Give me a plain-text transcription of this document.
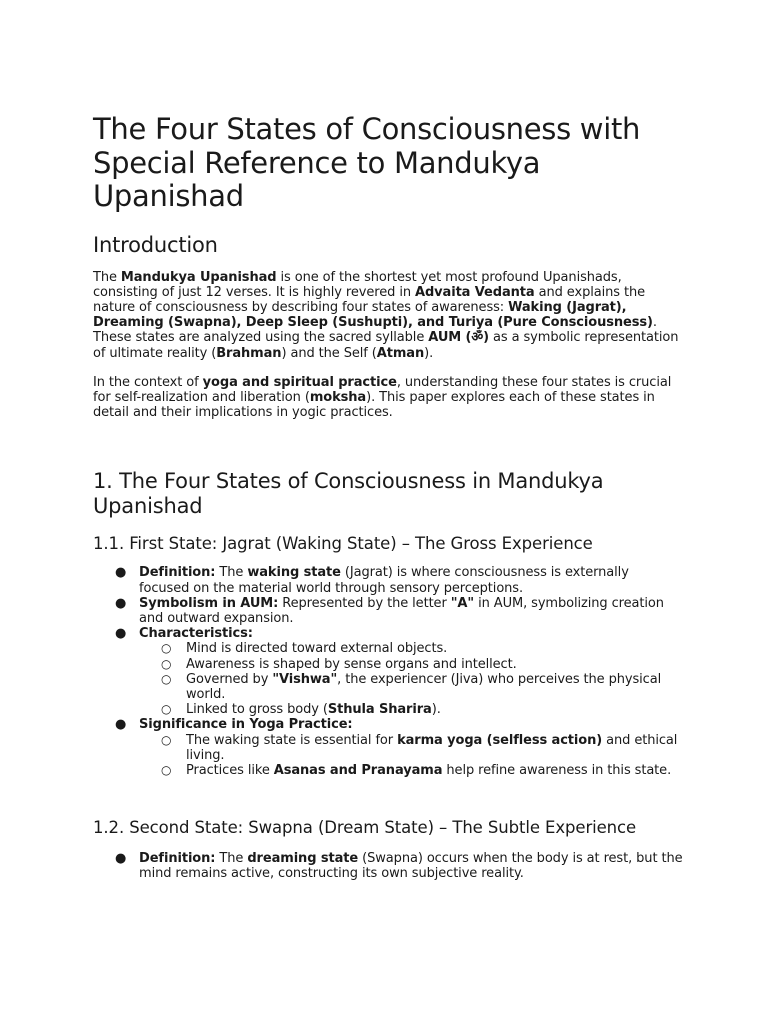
The Four States of Consciousness with Special Reference to Mandukya Upanishad
Introduction

The Mandukya Upanishad is one of the shortest yet most profound Upanishads, consisting of just 12 verses. It is highly revered in Advaita Vedanta and explains the nature of consciousness by describing four states of awareness: Waking (Jagrat), Dreaming (Swapna), Deep Sleep (Sushupti), and Turiya (Pure Consciousness). These states are analyzed using the sacred syllable AUM (ॐ) as a symbolic representation of ultimate reality (Brahman) and the Self (Atman).

In the context of yoga and spiritual practice, understanding these four states is crucial for self-realization and liberation (moksha). This paper explores each of these states in detail and their implications in yogic practices.

1. The Four States of Consciousness in Mandukya Upanishad
1.1. First State: Jagrat (Waking State) – The Gross Experience
● Definition: The waking state (Jagrat) is where consciousness is externally focused on the material world through sensory perceptions.
● Symbolism in AUM: Represented by the letter "A" in AUM, symbolizing creation and outward expansion.
● Characteristics:
○ Mind is directed toward external objects.
○ Awareness is shaped by sense organs and intellect.
○ Governed by "Vishwa", the experiencer (Jiva) who perceives the physical world.
○ Linked to gross body (Sthula Sharira).
● Significance in Yoga Practice:
○ The waking state is essential for karma yoga (selfless action) and ethical living.
○ Practices like Asanas and Pranayama help refine awareness in this state.
1.2. Second State: Swapna (Dream State) – The Subtle Experience
● Definition: The dreaming state (Swapna) occurs when the body is at rest, but the mind remains active, constructing its own subjective reality.
